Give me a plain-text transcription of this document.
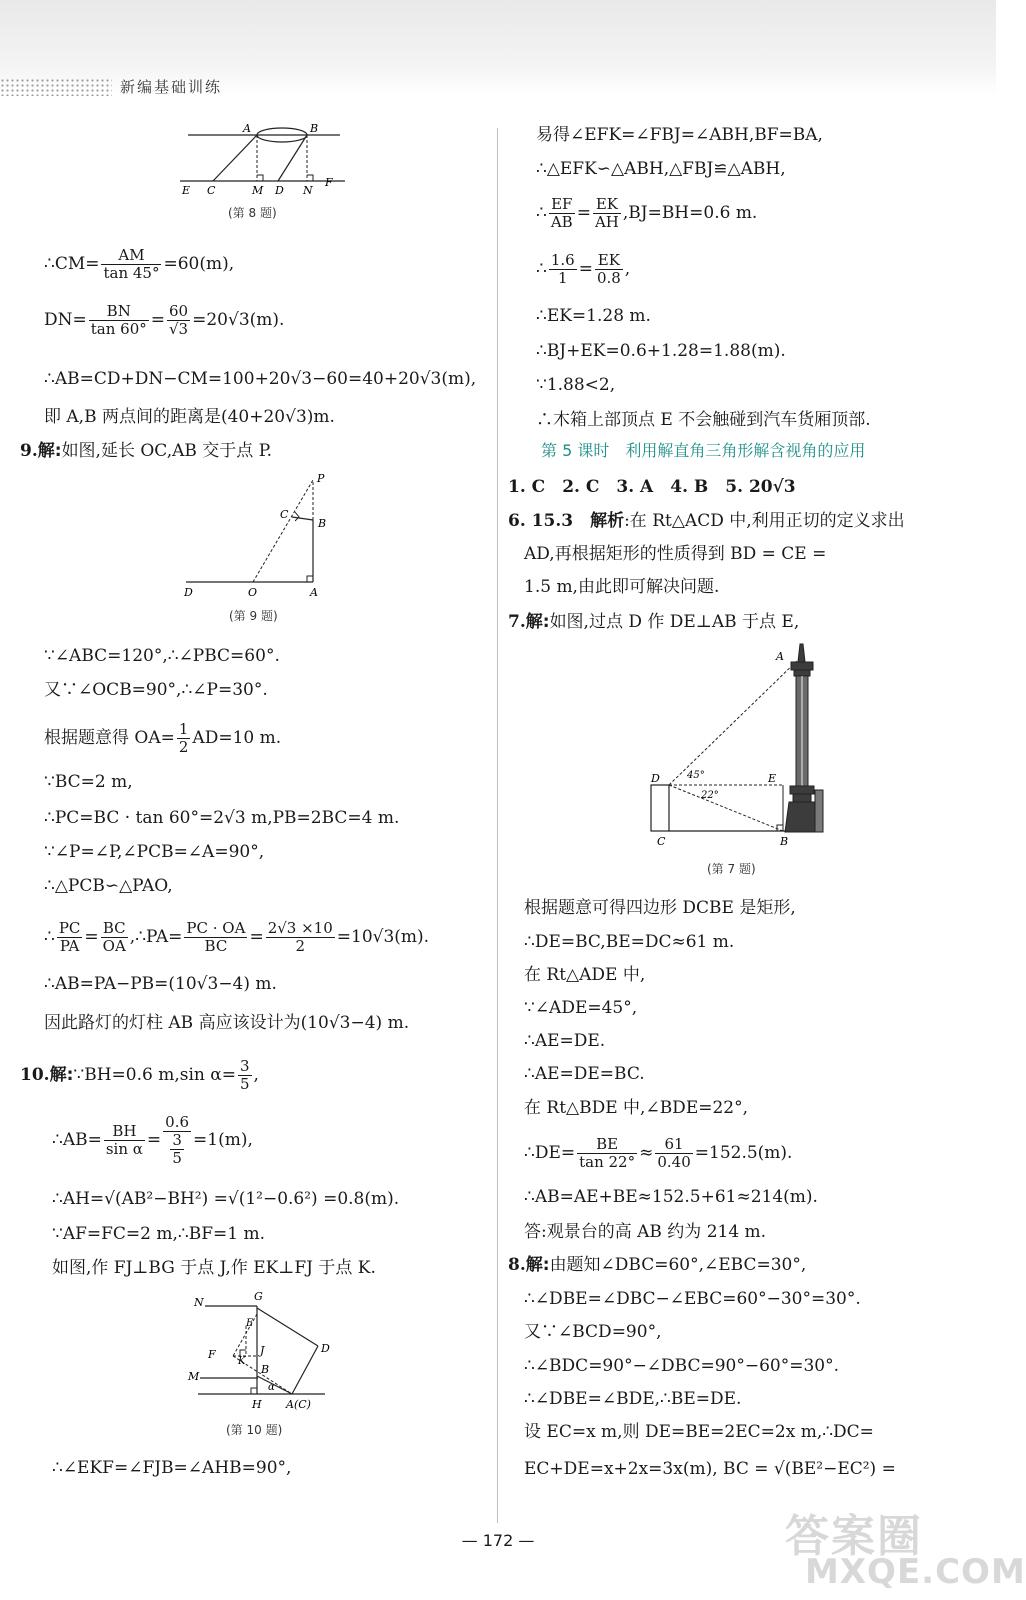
新编基础训练
A	B
E C	M D N
F
(第 8 题)
∴CM= $\frac{AM}{\tan 45^\circ} =60(m)$,
$DN= \frac{BN}{\tan 60^\circ} = \frac{60}{√3} =20√3(m)$.
∴AB=CD+DN−CM=100+20√3−60=40+20√3(m),
即 A,B 两点间的距离是(40+20√3)m.
9.解:如图,延长 OC,AB 交于点 P.
P
C
B
D	O	A
(第 9 题)
∵∠ABC=120°,∴∠PBC=60°.
又∵∠OCB=90°,∴∠P=30°.
根据题意得 $OA= \frac{1}{2} AD=10$ m.
∵BC=2 m,
∴PC=BC · tan 60°=2√3 m,PB=2BC=4 m.
∵∠P=∠P,∠PCB=∠A=90°,
∴△PCB∽△PAO,
∴ $\frac{PC}{PA} = \frac{BC}{OA}$ ,∴PA= $\frac{PC \cdot OA}{BC} = \frac{2√3 \times 10}{2} =10√3(m)$.
∴AB=PA−PB=(10√3−4) m.
因此路灯的灯柱 AB 高应该设计为(10√3−4) m.
10.解:∵BH=0.6 m,sin $\alpha= \frac{3}{5}$ ,
∴AB= $\frac{BH}{\text{sin α}} = \frac{0.6}{\frac{3}{5}} =1(m)$,
∴AH=√(AB²−BH²) =√(1²−0.6²) =0.8(m).
∵AF=FC=2 m,∴BF=1 m.
如图,作 FJ⊥BG 于点 J,作 EK⊥FJ 于点 K.
N	G
E
F
K
J
B
D
M
α
H A(C)
(第 10 题)
∴∠EKF=∠FJB=∠AHB=90°,
易得∠EFK=∠FBJ=∠ABH,BF=BA,
∴△EFK∽△ABH,△FBJ≌△ABH,
∴ $\frac{EF}{AB} = \frac{EK}{AH} ,BJ=BH=0.6$ m.
∴ $\frac{1.6}{1} = \frac{EK}{0.8}$ ,
∴EK=1.28 m.
∴BJ+EK=0.6+1.28=1.88(m).
∵1.88<2,
∴木箱上部顶点 E 不会触碰到汽车货厢顶部.
第 5 课时　利用解直角三角形解含视角的应用
1. C　2. C　3. A　4. B　5. 20√3
6. 15.3　解析:在 Rt△ACD 中,利用正切的定义求出
AD,再根据矩形的性质得到 BD = CE =
1.5 m,由此即可解决问题.
7.解:如图,过点 D 作 DE⊥AB 于点 E,
A
D	45°
22°
E
C	B
(第 7 题)
根据题意可得四边形 DCBE 是矩形,
∴DE=BC,BE=DC≈61 m.
在 Rt△ADE 中,
∵∠ADE=45°,
∴AE=DE.
∴AE=DE=BC.
在 Rt△BDE 中,∠BDE=22°,
∴DE= $\frac{BE}{\tan 22^\circ} \approx \frac{61}{0.40} =152.5(m)$.
∴AB=AE+BE≈152.5+61≈214(m).
答:观景台的高 AB 约为 214 m.
8.解:由题知∠DBC=60°,∠EBC=30°,
∴∠DBE=∠DBC−∠EBC=60°−30°=30°.
又∵∠BCD=90°,
∴∠BDC=90°−∠DBC=90°−60°=30°.
∴∠DBE=∠BDE,∴BE=DE.
设 EC=x m,则 DE=BE=2EC=2x m,∴DC=
EC+DE=x+2x=3x(m), BC = √(BE²−EC²) =
— 172 —	答案圈
MXQE.COM
